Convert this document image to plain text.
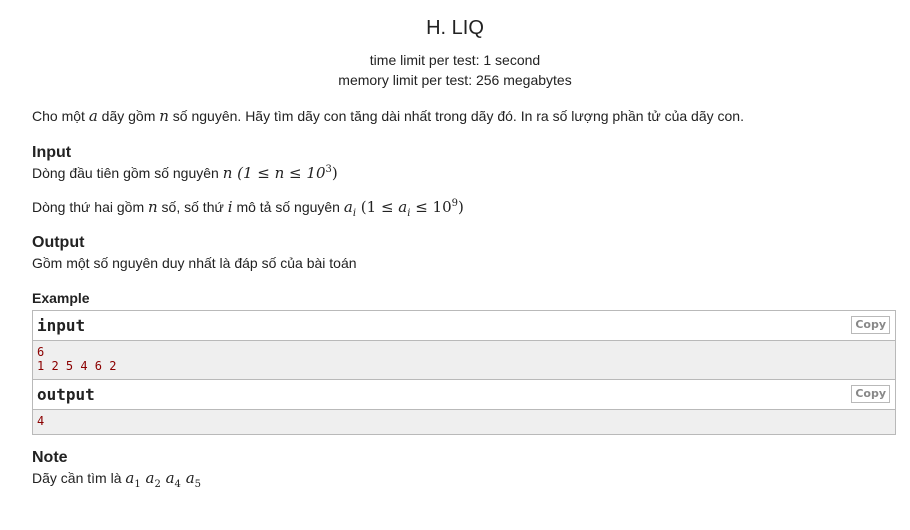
H. LIQ
time limit per test: 1 second
memory limit per test: 256 megabytes
Cho một a dãy gồm n số nguyên. Hãy tìm dãy con tăng dài nhất trong dãy đó. In ra số lượng phần tử của dãy con.
Input
Dòng đầu tiên gồm số nguyên n $(1 \le n \le 10^3)$
Dòng thứ hai gồm n số, số thứ i mô tả số nguyên $a_i$ $(1 \le a_i \le 10^9)$
Output
Gồm một số nguyên duy nhất là đáp số của bài toán
Example
input	Copy
6
1 2 5 4 6 2
output	Copy
4
Note
Dãy cần tìm là $a_1$ $a_2$ $a_4$ $a_5$
